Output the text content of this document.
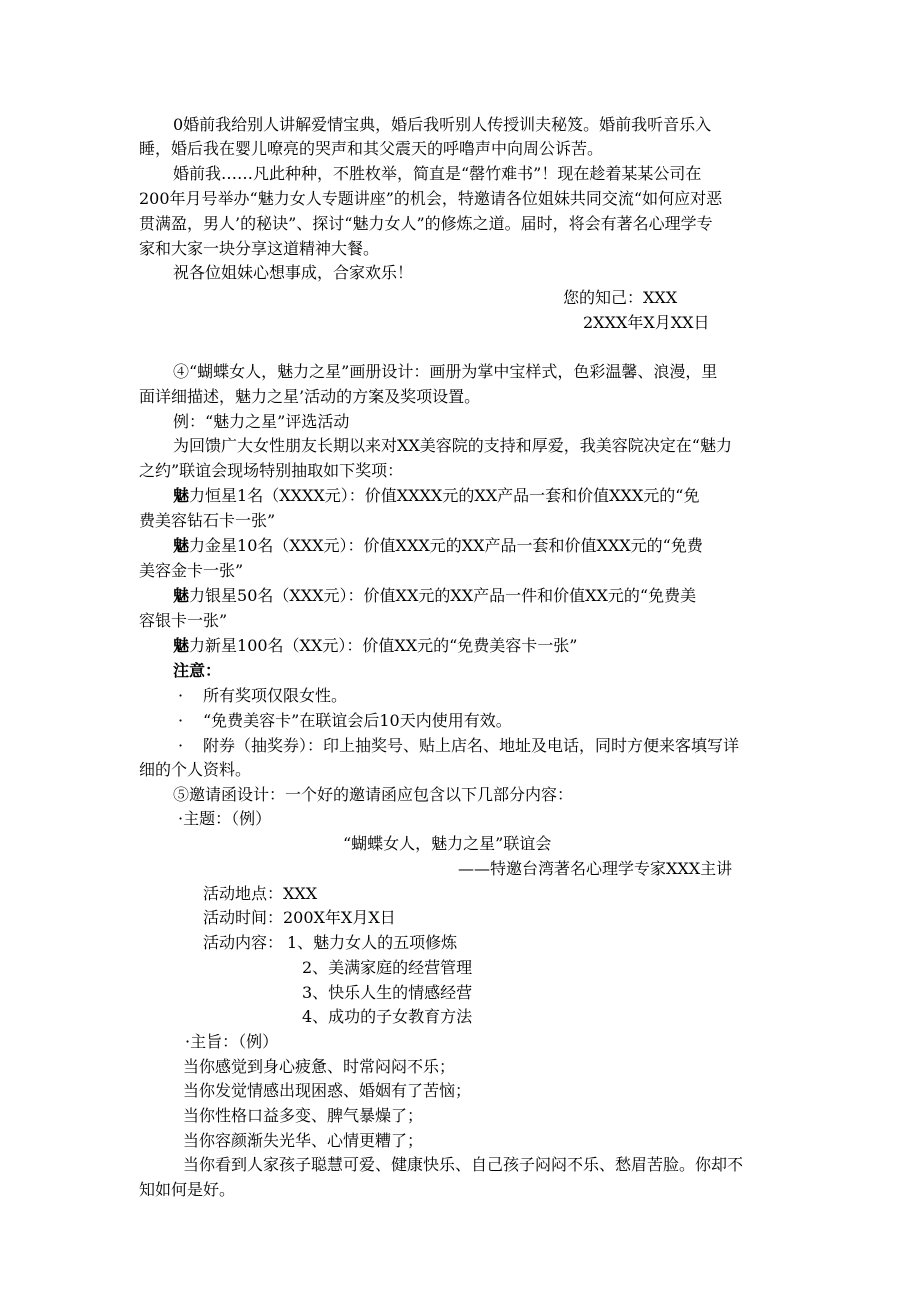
0婚前我给别人讲解爱情宝典，婚后我听别人传授训夫秘笈。婚前我听音乐入
睡，婚后我在婴儿嘹亮的哭声和其父震天的呼噜声中向周公诉苦。
婚前我……凡此种种，不胜枚举，简直是“罄竹难书”！现在趁着某某公司在
200年月号举办“魅力女人专题讲座”的机会，特邀请各位姐妹共同交流“如何应对恶
贯满盈，男人’的秘诀”、探讨“魅力女人”的修炼之道。届时，将会有著名心理学专
家和大家一块分享这道精神大餐。
祝各位姐妹心想事成，合家欢乐！
您的知己：XXX
2XXX年X月XX日
④“蝴蝶女人，魅力之星”画册设计：画册为掌中宝样式，色彩温馨、浪漫，里
面详细描述，魅力之星’活动的方案及奖项设置。
例：“魅力之星”评选活动
为回馈广大女性朋友长期以来对XX美容院的支持和厚爱，我美容院决定在“魅力
之约”联谊会现场特别抽取如下奖项：
魅力恒星1名（XXXX元）：价值XXXX元的XX产品一套和价值XXX元的“免
费美容钻石卡一张”
魅力金星10名（XXX元）：价值XXX元的XX产品一套和价值XXX元的“免费
美容金卡一张”
魅力银星50名（XXX元）：价值XX元的XX产品一件和价值XX元的“免费美
容银卡一张”
魅力新星100名（XX元）：价值XX元的“免费美容卡一张”
注意：
· 所有奖项仅限女性。
· “免费美容卡”在联谊会后10天内使用有效。
· 附券（抽奖券）：印上抽奖号、贴上店名、地址及电话，同时方便来客填写详
细的个人资料。
⑤邀请函设计：一个好的邀请函应包含以下几部分内容：
·主题：（例）
“蝴蝶女人，魅力之星”联谊会
——特邀台湾著名心理学专家XXX主讲
活动地点：XXX
活动时间：200X年X月X日
活动内容： 1、魅力女人的五项修炼
2、美满家庭的经营管理
3、快乐人生的情感经营
4、成功的子女教育方法
·主旨：（例）
当你感觉到身心疲惫、时常闷闷不乐；
当你发觉情感出现困惑、婚姻有了苦恼；
当你性格口益多变、脾气暴燥了；
当你容颜渐失光华、心情更糟了；
当你看到人家孩子聪慧可爱、健康快乐、自己孩子闷闷不乐、愁眉苦脸。你却不
知如何是好。
